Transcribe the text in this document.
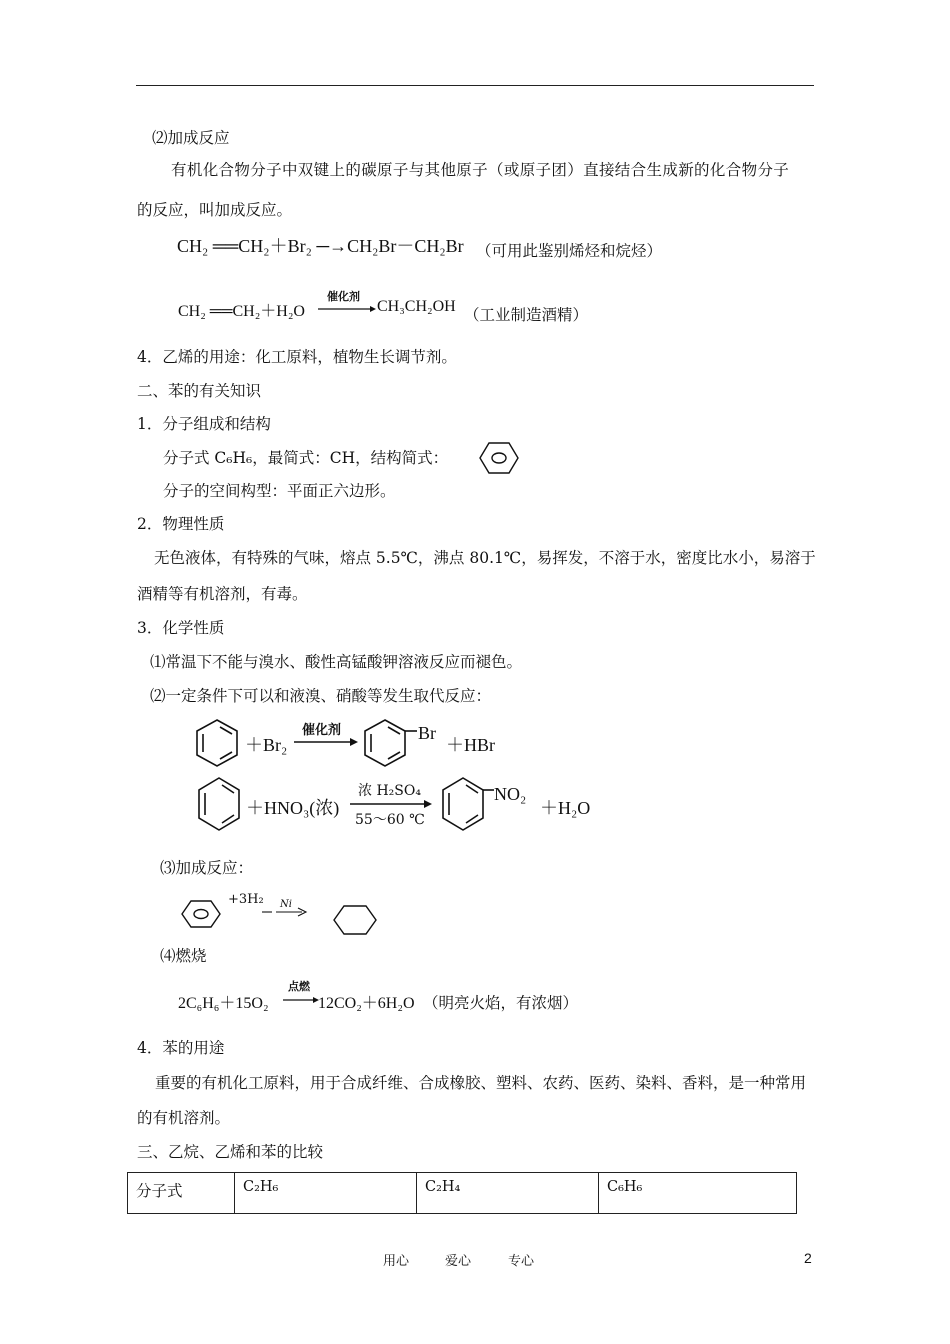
⑵加成反应
有机化合物分子中双键上的碳原子与其他原子（或原子团）直接结合生成新的化合物分子
的反应，叫加成反应。
CH₂ ══CH₂＋Br₂ ─→CH₂Br－CH₂Br （可用此鉴别烯烃和烷烃）
CH₂ ══CH₂＋H₂O
催化剂
→ CH₃CH₂OH （工业制造酒精）
4．乙烯的用途：化工原料，植物生长调节剂。
二、苯的有关知识
1．分子组成和结构
分子式 C₆H₆，最简式：CH，结构简式：
分子的空间构型：平面正六边形。
2．物理性质
无色液体，有特殊的气味，熔点 5.5℃，沸点 80.1℃，易挥发，不溶于水，密度比水小，易溶于
酒精等有机溶剂，有毒。
3．化学性质
⑴常温下不能与溴水、酸性高锰酸钾溶液反应而褪色。
⑵一定条件下可以和液溴、硝酸等发生取代反应：
＋Br₂
催化剂	Br
＋HBr
＋HNO₃(浓)
浓 H₂SO₄
55～60 ℃
NO₂
＋H₂O
⑶加成反应：
+3H₂ Ni
⑷燃烧
2C₆H₆＋15O₂
点燃
→ 12CO₂＋6H₂O （明亮火焰，有浓烟）
4．苯的用途
重要的有机化工原料，用于合成纤维、合成橡胶、塑料、农药、医药、染料、香料，是一种常用
的有机溶剂。
三、乙烷、乙烯和苯的比较
分子式	C₂H₆	C₂H₄	C₆H₆
用心	爱心	专心	2
